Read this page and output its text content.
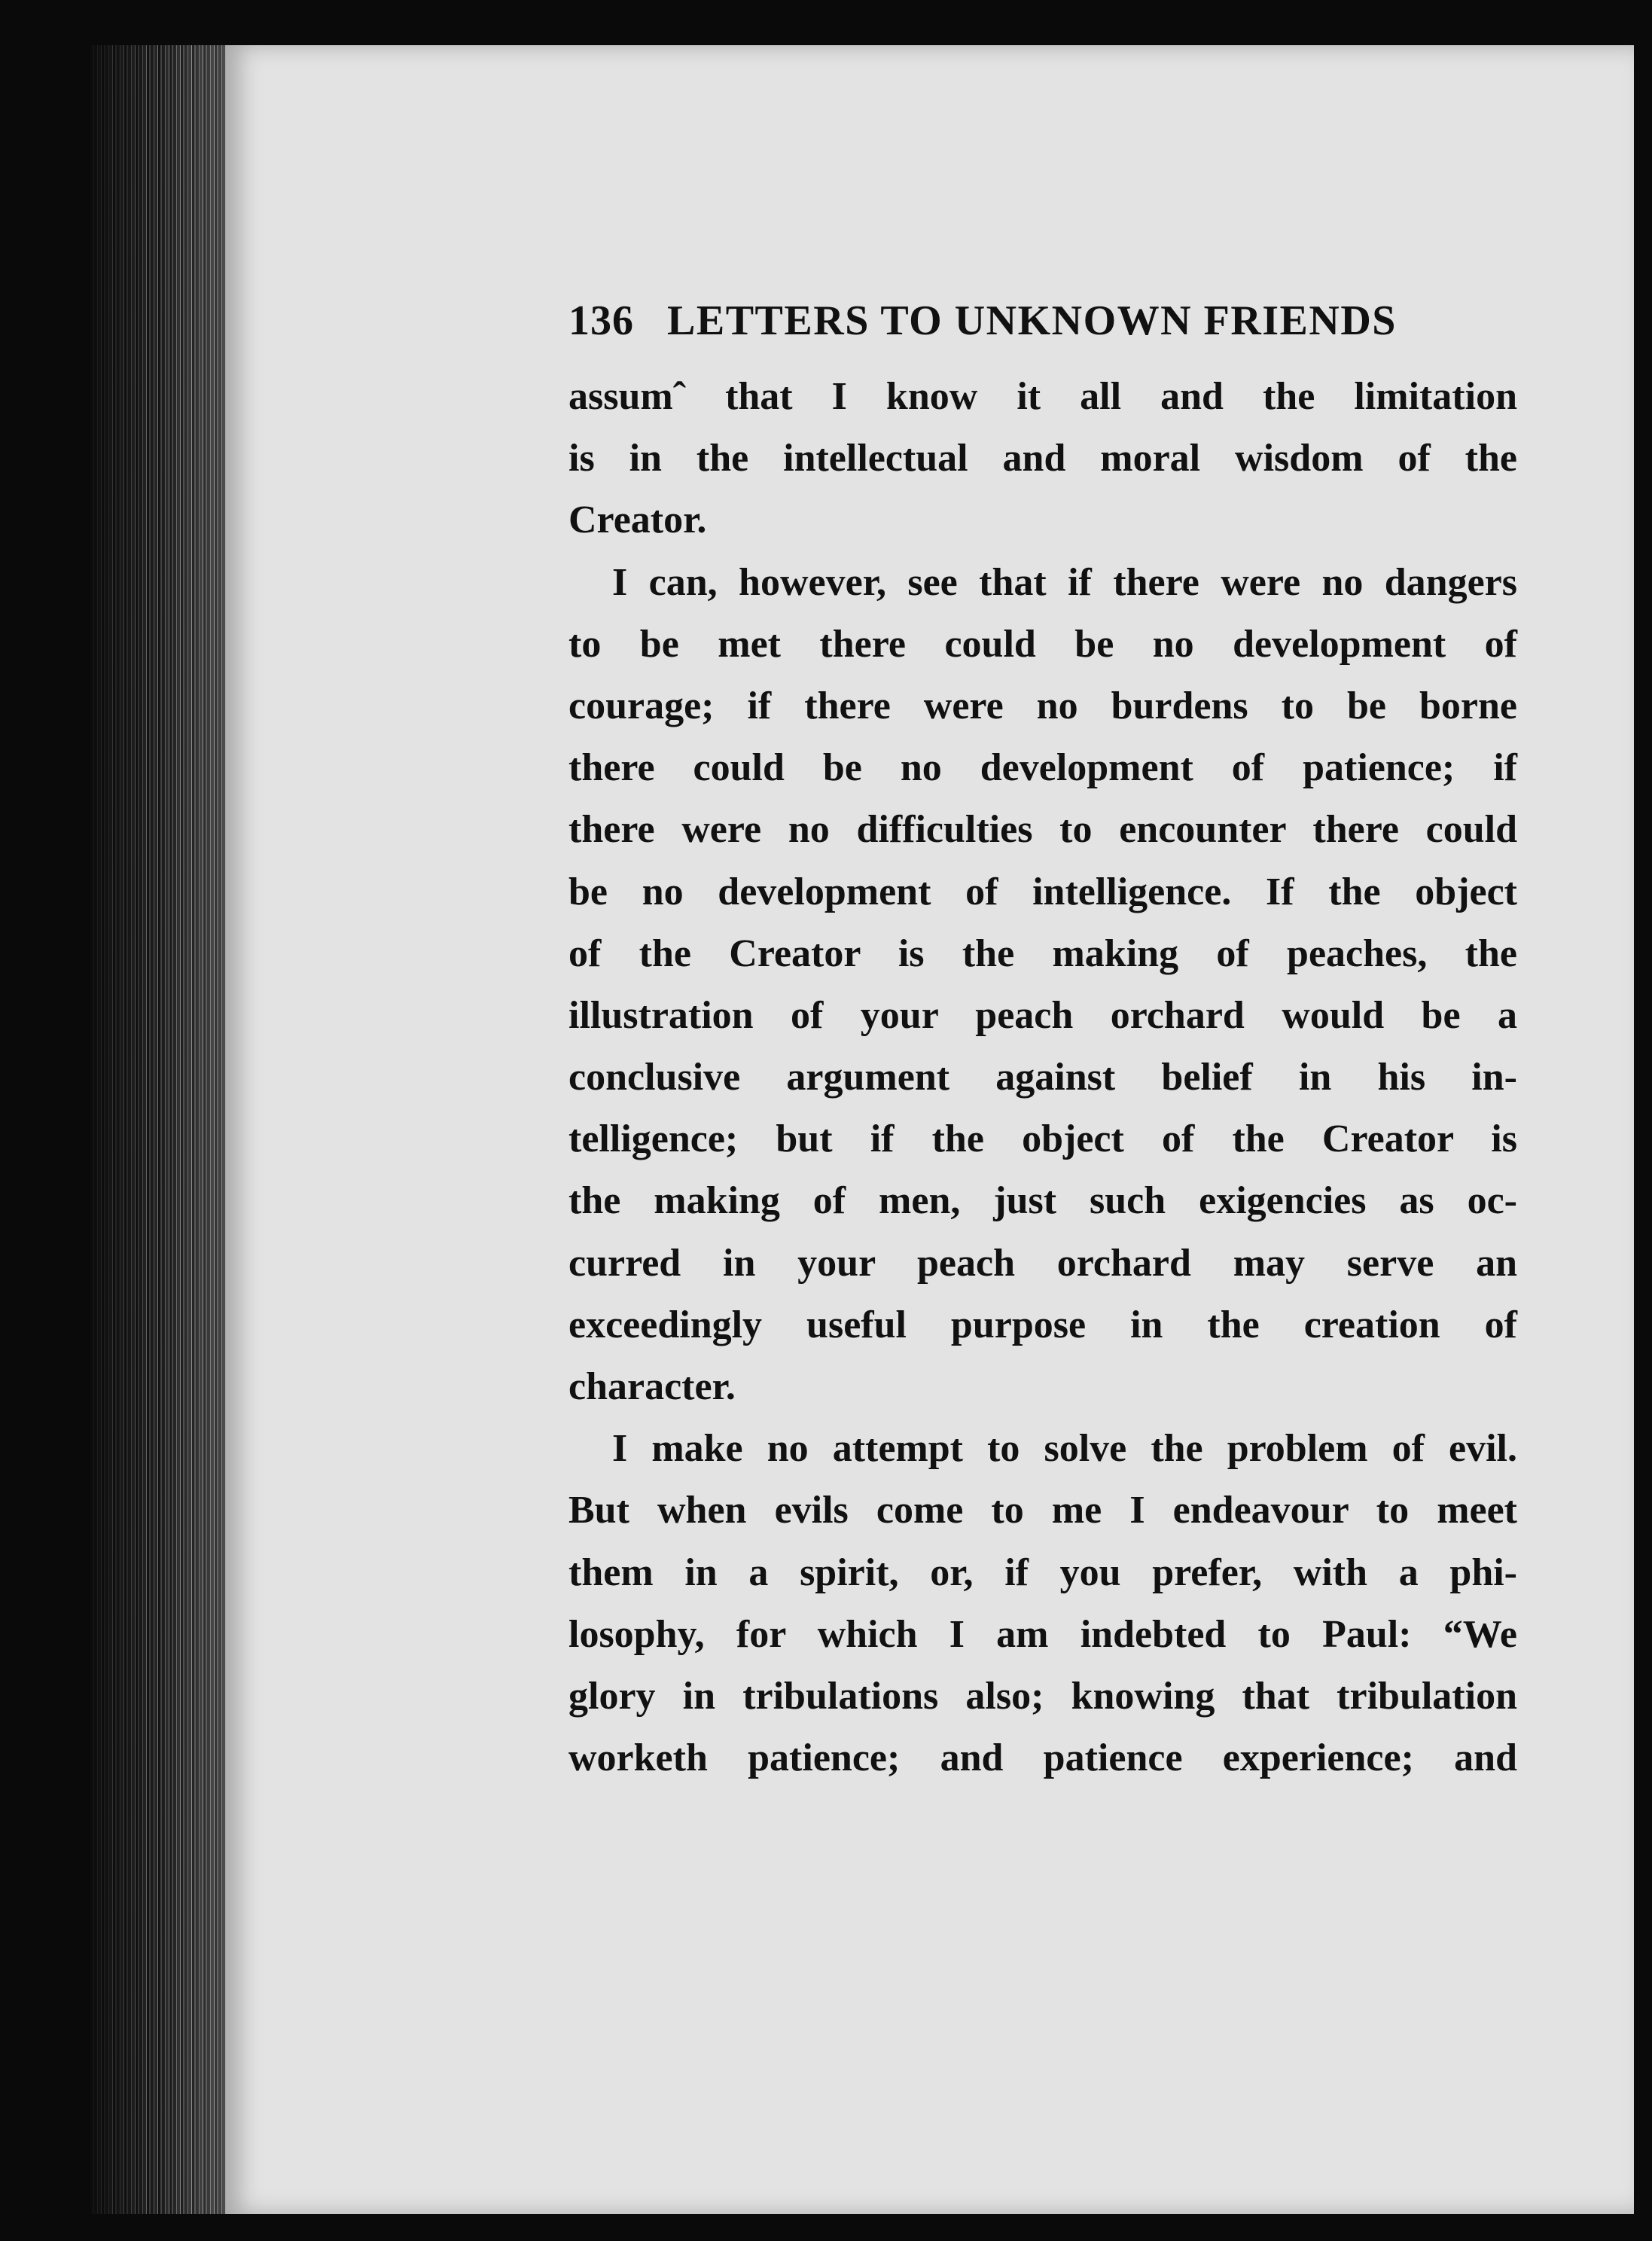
136 LETTERS TO UNKNOWN FRIENDS
assumˆ that I know it all and the limitation
is in the intellectual and moral wisdom of the
Creator.
I can, however, see that if there were no dangers
to be met there could be no development of
courage; if there were no burdens to be borne
there could be no development of patience; if
there were no difficulties to encounter there could
be no development of intelligence. If the object
of the Creator is the making of peaches, the
illustration of your peach orchard would be a
conclusive argument against belief in his in-
telligence; but if the object of the Creator is
the making of men, just such exigencies as oc-
curred in your peach orchard may serve an
exceedingly useful purpose in the creation of
character.
I make no attempt to solve the problem of evil.
But when evils come to me I endeavour to meet
them in a spirit, or, if you prefer, with a phi-
losophy, for which I am indebted to Paul: “We
glory in tribulations also; knowing that tribulation
worketh patience; and patience experience; and
